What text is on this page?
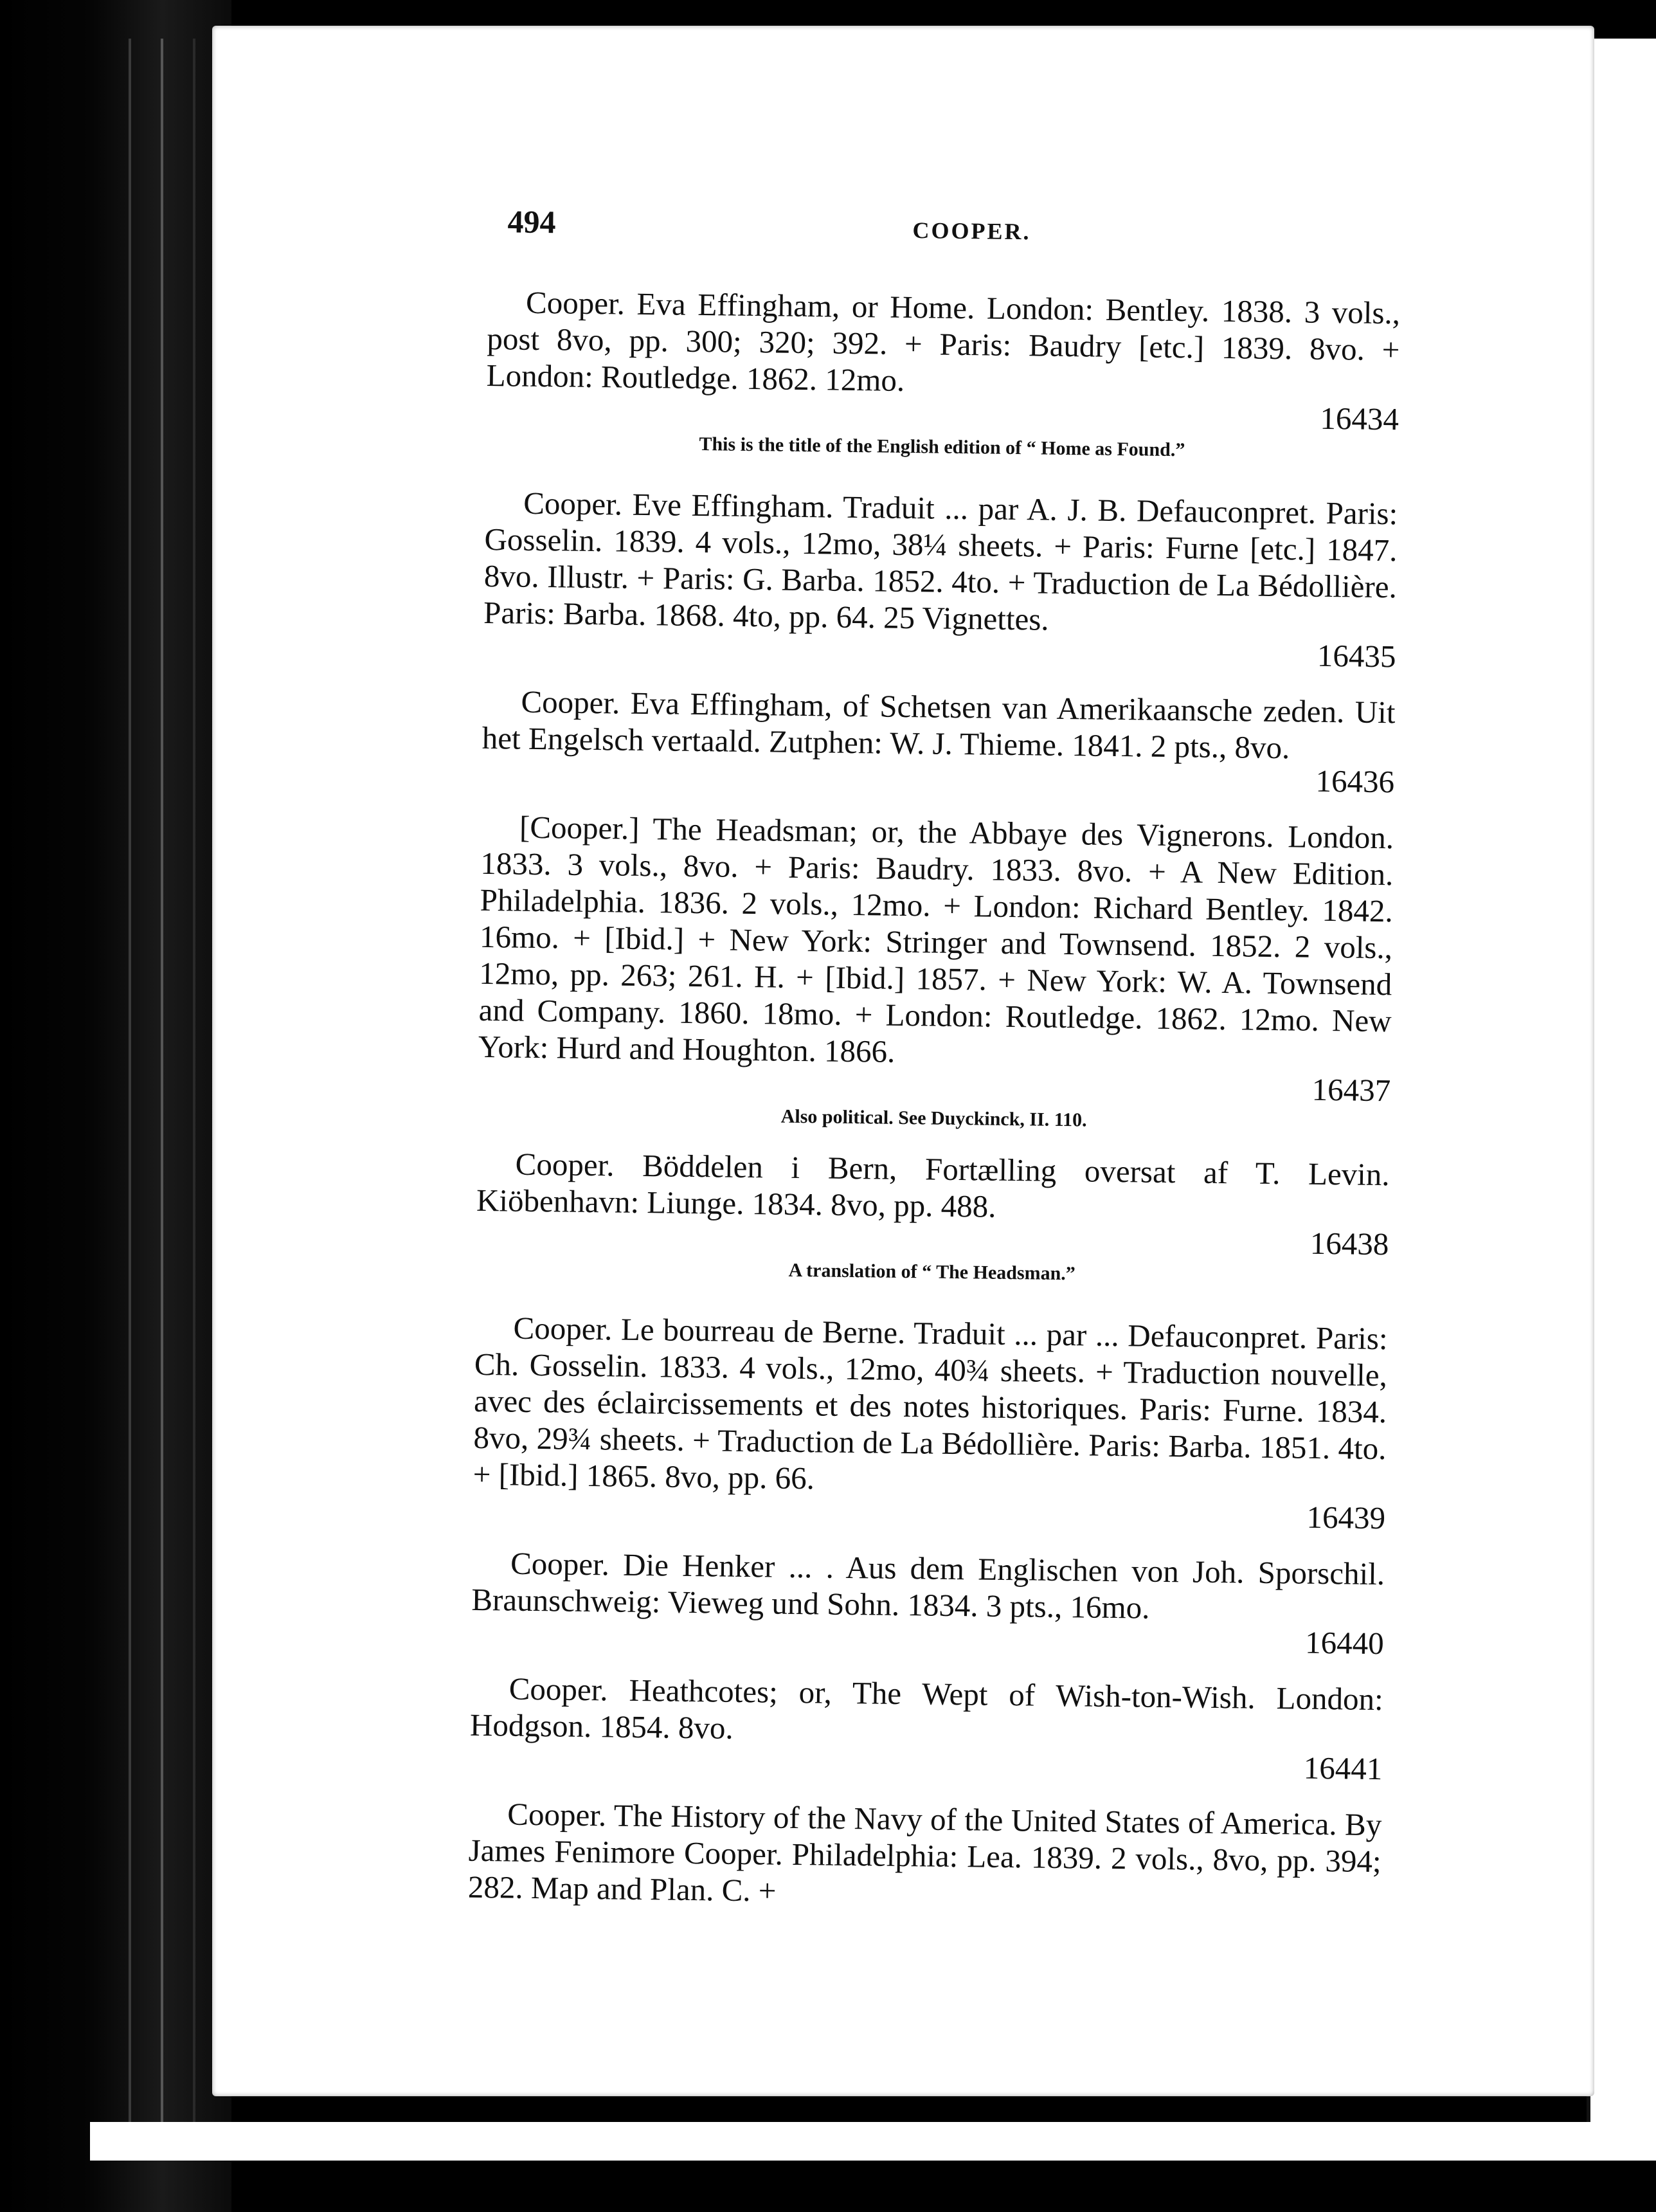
494	COOPER.
Cooper. Eva Effingham, or Home. London: Bentley. 1838. 3 vols., post 8vo, pp. 300; 320; 392. + Paris: Baudry [etc.] 1839. 8vo. + London: Routledge. 1862. 12mo.
16434
This is the title of the English edition of “ Home as Found.”
Cooper. Eve Effingham. Traduit ... par A. J. B. Defauconpret. Paris: Gosselin. 1839. 4 vols., 12mo, 38¼ sheets. + Paris: Furne [etc.] 1847. 8vo. Illustr. + Paris: G. Barba. 1852. 4to. + Traduction de La Bédollière. Paris: Barba. 1868. 4to, pp. 64. 25 Vignettes.
16435
Cooper. Eva Effingham, of Schetsen van Amerikaansche zeden. Uit het Engelsch vertaald. Zutphen: W. J. Thieme. 1841. 2 pts., 8vo.
16436
[Cooper.] The Headsman; or, the Abbaye des Vignerons. London. 1833. 3 vols., 8vo. + Paris: Baudry. 1833. 8vo. + A New Edition. Philadelphia. 1836. 2 vols., 12mo. + London: Richard Bentley. 1842. 16mo. + [Ibid.] + New York: Stringer and Townsend. 1852. 2 vols., 12mo, pp. 263; 261. H. + [Ibid.] 1857. + New York: W. A. Townsend and Company. 1860. 18mo. + London: Routledge. 1862. 12mo. New York: Hurd and Houghton. 1866.
16437
Also political. See Duyckinck, II. 110.
Cooper. Böddelen i Bern, Fortælling oversat af T. Levin. Kiöbenhavn: Liunge. 1834. 8vo, pp. 488.
16438
A translation of “ The Headsman.”
Cooper. Le bourreau de Berne. Traduit ... par ... Defauconpret. Paris: Ch. Gosselin. 1833. 4 vols., 12mo, 40¾ sheets. + Traduction nouvelle, avec des éclaircissements et des notes historiques. Paris: Furne. 1834. 8vo, 29¾ sheets. + Traduction de La Bédollière. Paris: Barba. 1851. 4to. + [Ibid.] 1865. 8vo, pp. 66.
16439
Cooper. Die Henker ... . Aus dem Englischen von Joh. Sporschil. Braunschweig: Vieweg und Sohn. 1834. 3 pts., 16mo.
16440
Cooper. Heathcotes; or, The Wept of Wish-ton-Wish. London: Hodgson. 1854. 8vo.
16441
Cooper. The History of the Navy of the United States of America. By James Fenimore Cooper. Philadelphia: Lea. 1839. 2 vols., 8vo, pp. 394; 282. Map and Plan. C. +
